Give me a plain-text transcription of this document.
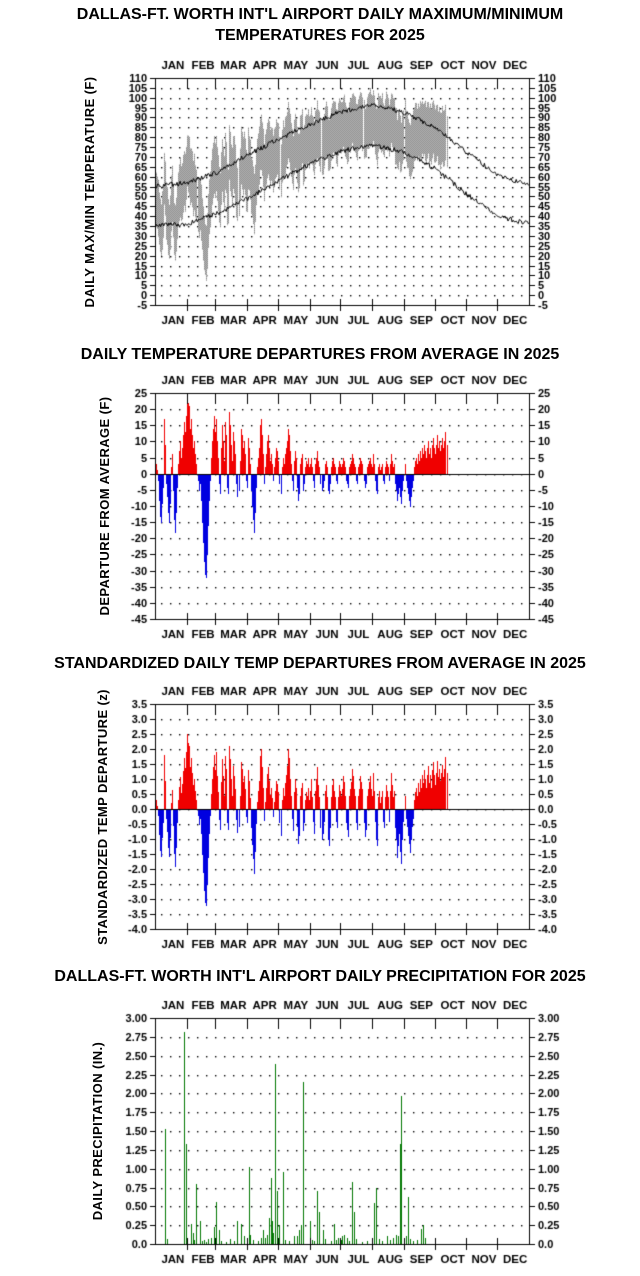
DALLAS-FT. WORTH INT'L AIRPORT DAILY MAXIMUM/MINIMUM
TEMPERATURES FOR 2025
DAILY TEMPERATURE DEPARTURES FROM AVERAGE IN 2025
STANDARDIZED DAILY TEMP DEPARTURES FROM AVERAGE IN 2025
DALLAS-FT. WORTH INT'L AIRPORT DAILY PRECIPITATION FOR 2025
